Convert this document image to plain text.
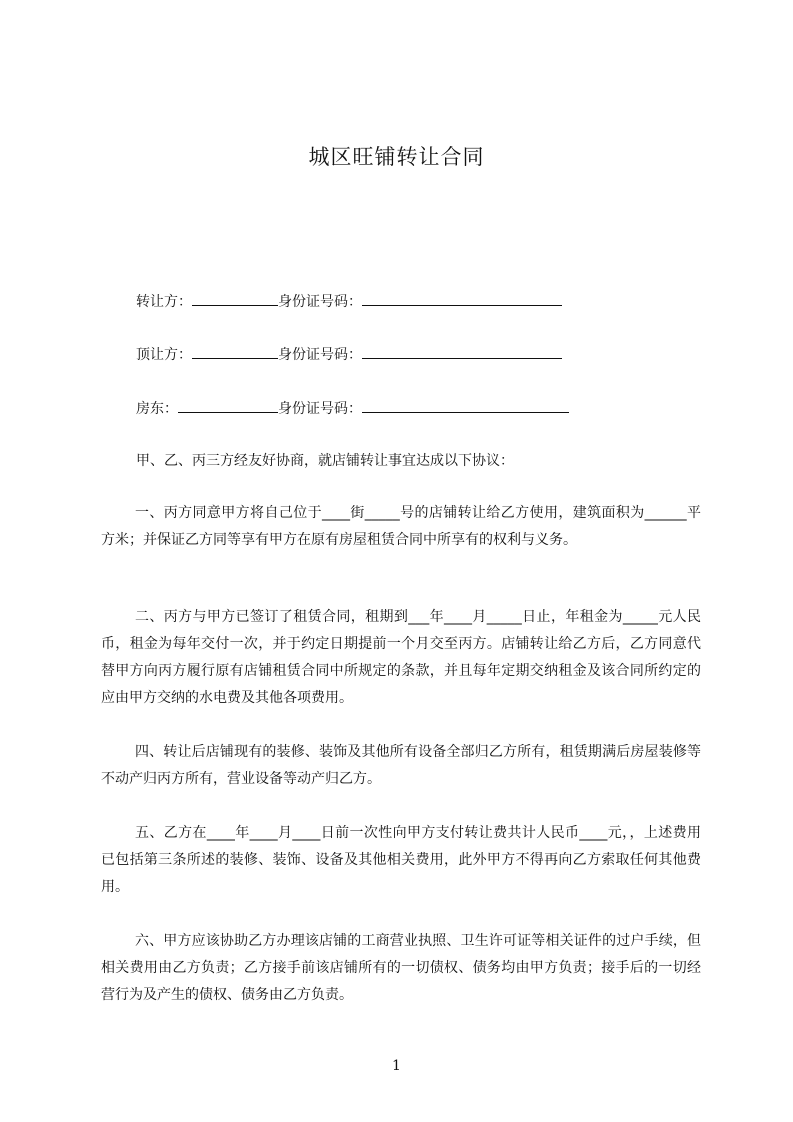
城区旺铺转让合同
转让方：	身份证号码：
顶让方：	身份证号码：
房东：	身份证号码：

甲、乙、丙三方经友好协商，就店铺转让事宜达成以下协议：

一、丙方同意甲方将自己位于____街_____号的店铺转让给乙方使用，建筑面积为______平方米；并保证乙方同等享有甲方在原有房屋租赁合同中所享有的权利与义务。

二、丙方与甲方已签订了租赁合同，租期到___年____月_____日止，年租金为_____元人民币，租金为每年交付一次，并于约定日期提前一个月交至丙方。店铺转让给乙方后，乙方同意代替甲方向丙方履行原有店铺租赁合同中所规定的条款，并且每年定期交纳租金及该合同所约定的应由甲方交纳的水电费及其他各项费用。

四、转让后店铺现有的装修、装饰及其他所有设备全部归乙方所有，租赁期满后房屋装修等不动产归丙方所有，营业设备等动产归乙方。

五、乙方在____年____月____日前一次性向甲方支付转让费共计人民币____元，，上述费用已包括第三条所述的装修、装饰、设备及其他相关费用，此外甲方不得再向乙方索取任何其他费用。

六、甲方应该协助乙方办理该店铺的工商营业执照、卫生许可证等相关证件的过户手续，但相关费用由乙方负责；乙方接手前该店铺所有的一切债权、债务均由甲方负责；接手后的一切经营行为及产生的债权、债务由乙方负责。

1
